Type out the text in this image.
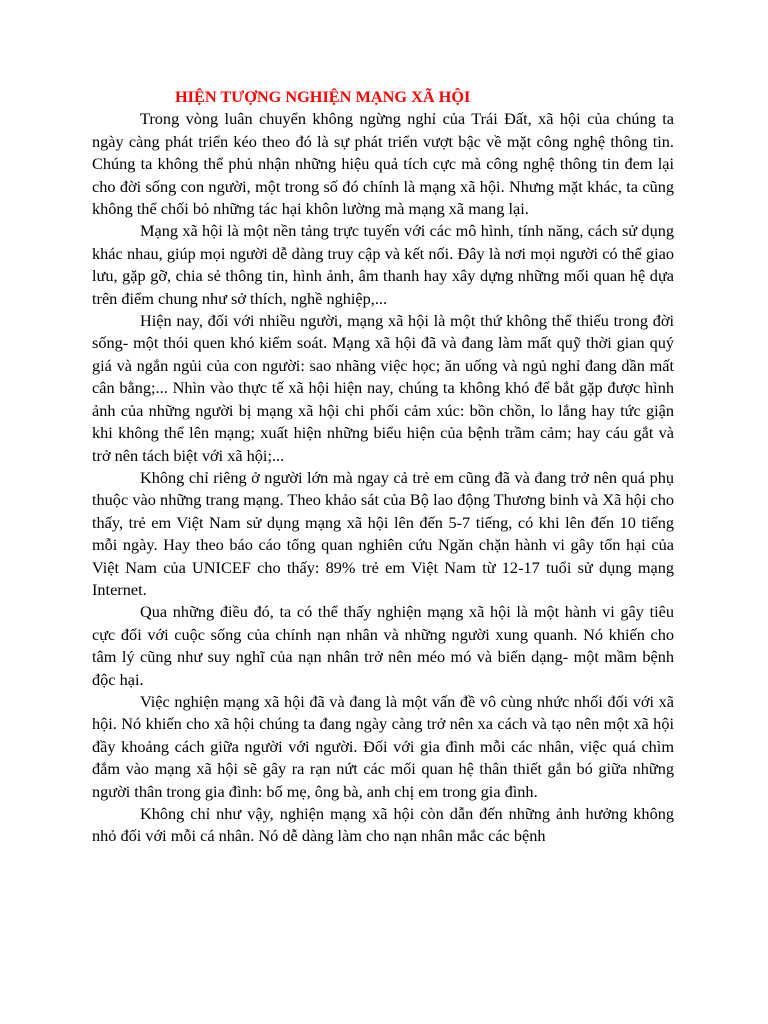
HIỆN TƯỢNG NGHIỆN MẠNG XÃ HỘI

Trong vòng luân chuyển không ngừng nghỉ của Trái Đất, xã hội của chúng ta ngày càng phát triển kéo theo đó là sự phát triển vượt bậc về mặt công nghệ thông tin. Chúng ta không thể phủ nhận những hiệu quả tích cực mà công nghệ thông tin đem lại cho đời sống con người, một trong số đó chính là mạng xã hội. Nhưng mặt khác, ta cũng không thể chối bỏ những tác hại khôn lường mà mạng xã mang lại.

Mạng xã hội là một nền tảng trực tuyến với các mô hình, tính năng, cách sử dụng khác nhau, giúp mọi người dễ dàng truy cập và kết nối. Đây là nơi mọi người có thể giao lưu, gặp gỡ, chia sẻ thông tin, hình ảnh, âm thanh hay xây dựng những mối quan hệ dựa trên điểm chung như sở thích, nghề nghiệp,...

Hiện nay, đối với nhiều người, mạng xã hội là một thứ không thể thiếu trong đời sống- một thói quen khó kiểm soát. Mạng xã hội đã và đang làm mất quỹ thời gian quý giá và ngắn ngủi của con người: sao nhãng việc học; ăn uống và ngủ nghỉ đang dần mất cân bằng;... Nhìn vào thực tế xã hội hiện nay, chúng ta không khó để bắt gặp được hình ảnh của những người bị mạng xã hội chi phối cảm xúc: bồn chồn, lo lắng hay tức giận khi không thể lên mạng; xuất hiện những biểu hiện của bệnh trầm cảm; hay cáu gắt và trở nên tách biệt với xã hội;...

Không chỉ riêng ở người lớn mà ngay cả trẻ em cũng đã và đang trở nên quá phụ thuộc vào những trang mạng. Theo khảo sát của Bộ lao động Thương binh và Xã hội cho thấy, trẻ em Việt Nam sử dụng mạng xã hội lên đến 5-7 tiếng, có khi lên đến 10 tiếng mỗi ngày. Hay theo báo cáo tổng quan nghiên cứu Ngăn chặn hành vi gây tổn hại của Việt Nam của UNICEF cho thấy: 89% trẻ em Việt Nam từ 12-17 tuổi sử dụng mạng Internet.

Qua những điều đó, ta có thể thấy nghiện mạng xã hội là một hành vi gây tiêu cực đối với cuộc sống của chính nạn nhân và những người xung quanh. Nó khiến cho tâm lý cũng như suy nghĩ của nạn nhân trở nên méo mó và biến dạng- một mầm bệnh độc hại.

Việc nghiện mạng xã hội đã và đang là một vấn đề vô cùng nhức nhối đối với xã hội. Nó khiến cho xã hội chúng ta đang ngày càng trở nên xa cách và tạo nên một xã hội đầy khoảng cách giữa người với người. Đối với gia đình mỗi các nhân, việc quá chìm đắm vào mạng xã hội sẽ gây ra rạn nứt các mối quan hệ thân thiết gắn bó giữa những người thân trong gia đình: bố mẹ, ông bà, anh chị em trong gia đình.

Không chỉ như vậy, nghiện mạng xã hội còn dẫn đến những ảnh hưởng không nhỏ đối với mỗi cá nhân. Nó dễ dàng làm cho nạn nhân mắc các bệnh
